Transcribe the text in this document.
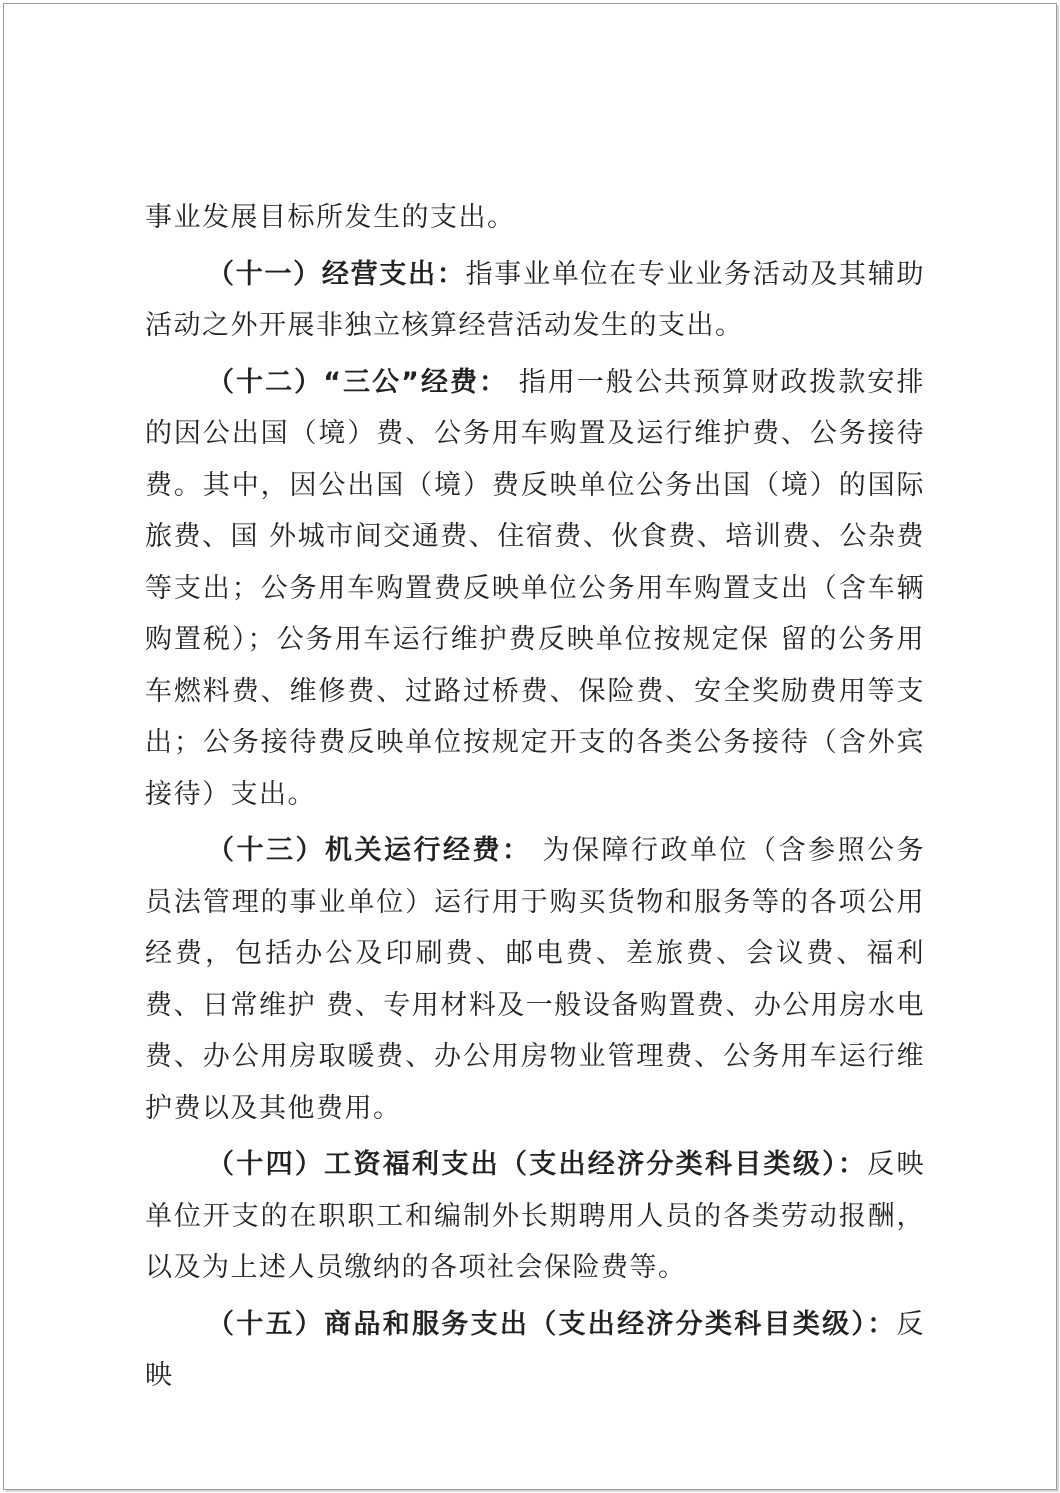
事业发展目标所发生的支出。

（十一）经营支出：指事业单位在专业业务活动及其辅助活动之外开展非独立核算经营活动发生的支出。

（十二）“三公”经费： 指用一般公共预算财政拨款安排的因公出国（境）费、公务用车购置及运行维护费、公务接待费。其中，因公出国（境）费反映单位公务出国（境）的国际旅费、国 外城市间交通费、住宿费、伙食费、培训费、公杂费等支出；公务用车购置费反映单位公务用车购置支出（含车辆购置税）；公务用车运行维护费反映单位按规定保 留的公务用车燃料费、维修费、过路过桥费、保险费、安全奖励费用等支出；公务接待费反映单位按规定开支的各类公务接待（含外宾接待）支出。

（十三）机关运行经费： 为保障行政单位（含参照公务员法管理的事业单位）运行用于购买货物和服务等的各项公用经费，包括办公及印刷费、邮电费、差旅费、会议费、福利费、日常维护 费、专用材料及一般设备购置费、办公用房水电费、办公用房取暖费、办公用房物业管理费、公务用车运行维护费以及其他费用。

（十四）工资福利支出（支出经济分类科目类级）：反映单位开支的在职职工和编制外长期聘用人员的各类劳动报酬，以及为上述人员缴纳的各项社会保险费等。

（十五）商品和服务支出（支出经济分类科目类级）：反映
